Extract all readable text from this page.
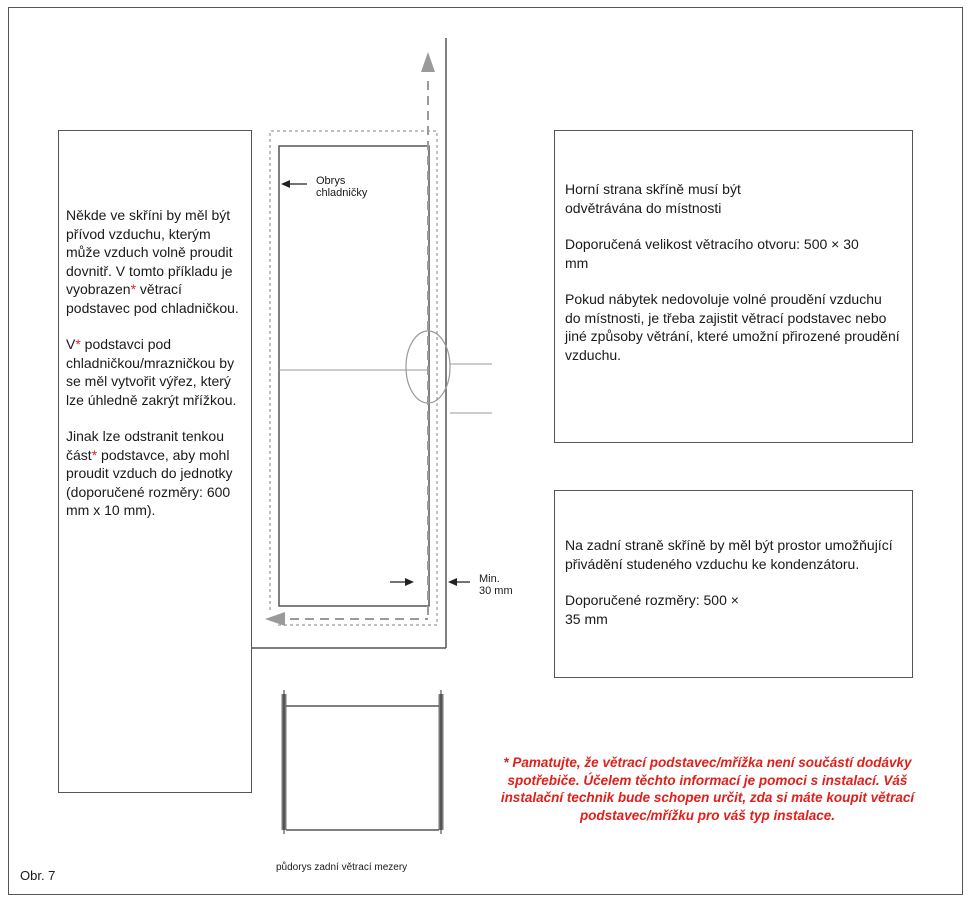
Někde ve skříni by měl být přívod vzduchu, kterým může vzduch volně proudit dovnitř. V tomto příkladu je vyobrazen* větrací podstavec pod chladničkou.

V* podstavci pod chladničkou/mrazničkou by se měl vytvořit výřez, který lze úhledně zakrýt mřížkou.

Jinak lze odstranit tenkou část* podstavce, aby mohl proudit vzduch do jednotky (doporučené rozměry: 600 mm x 10 mm).

Obrys chladničky
Min.
30 mm
půdorys zadní větrací mezery

Horní strana skříně musí být odvětrávána do místnosti

Doporučená velikost větracího otvoru: 500 × 30 mm

Pokud nábytek nedovoluje volné proudění vzduchu do místnosti, je třeba zajistit větrací podstavec nebo jiné způsoby větrání, které umožní přirozené proudění vzduchu.

Na zadní straně skříně by měl být prostor umožňující přivádění studeného vzduchu ke kondenzátoru.

Doporučené rozměry: 500 × 35 mm

* Pamatujte, že větrací podstavec/mřížka není součástí dodávky spotřebiče. Účelem těchto informací je pomoci s instalací. Váš instalační technik bude schopen určit, zda si máte koupit větrací podstavec/mřížku pro váš typ instalace.
Obr. 7
